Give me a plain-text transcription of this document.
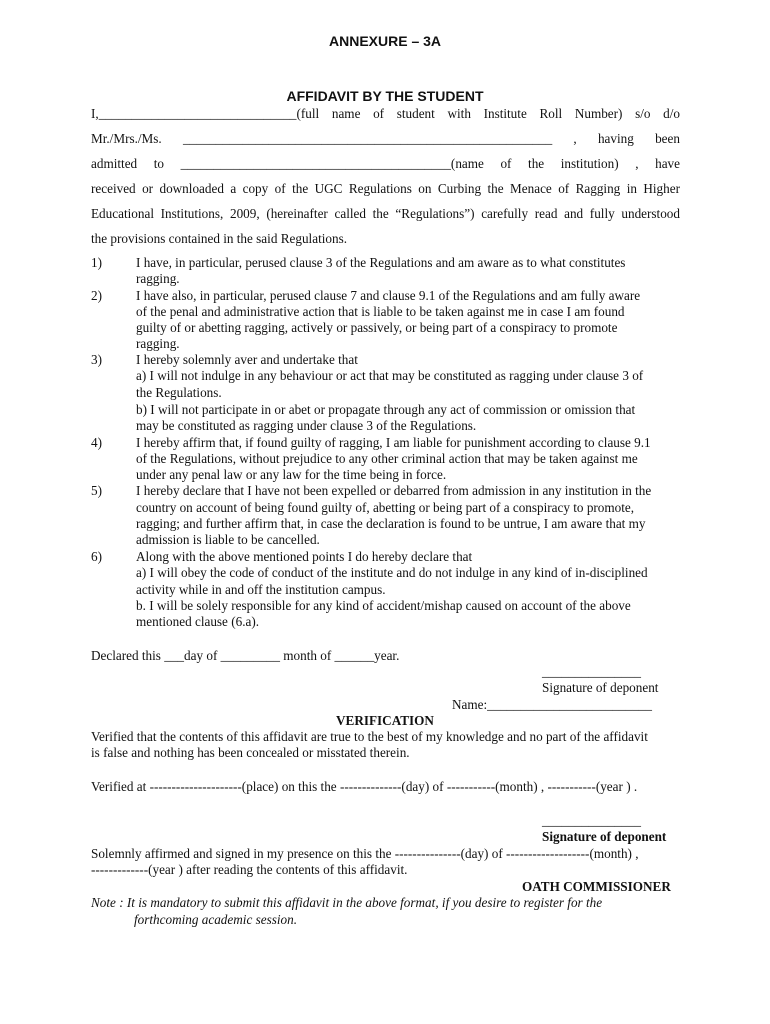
ANNEXURE – 3A

AFFIDAVIT BY THE STUDENT

I,______________________________(full name of student with Institute Roll Number) s/o d/o

Mr./Mrs./Ms. ________________________________________________________ , having been

admitted to _________________________________________(name of the institution) , have

received or downloaded a copy of the UGC Regulations on Curbing the Menace of Ragging in Higher

Educational Institutions, 2009, (hereinafter called the “Regulations”) carefully read and fully understood

the provisions contained in the said Regulations.

1)	I have, in particular, perused clause 3 of the Regulations and am aware as to what constitutes

ragging.

2)	I have also, in particular, perused clause 7 and clause 9.1 of the Regulations and am fully aware

of the penal and administrative action that is liable to be taken against me in case I am found

guilty of or abetting ragging, actively or passively, or being part of a conspiracy to promote

ragging.

3)	I hereby solemnly aver and undertake that

a) I will not indulge in any behaviour or act that may be constituted as ragging under clause 3 of

the Regulations.

b) I will not participate in or abet or propagate through any act of commission or omission that

may be constituted as ragging under clause 3 of the Regulations.

4)	I hereby affirm that, if found guilty of ragging, I am liable for punishment according to clause 9.1

of the Regulations, without prejudice to any other criminal action that may be taken against me

under any penal law or any law for the time being in force.

5)	I hereby declare that I have not been expelled or debarred from admission in any institution in the

country on account of being found guilty of, abetting or being part of a conspiracy to promote,

ragging; and further affirm that, in case the declaration is found to be untrue, I am aware that my

admission is liable to be cancelled.

6)	Along with the above mentioned points I do hereby declare that

a) I will obey the code of conduct of the institute and do not indulge in any kind of in-disciplined

activity while in and off the institution campus.

b. I will be solely responsible for any kind of accident/mishap caused on account of the above

mentioned clause (6.a).

Declared this ___day of _________ month of ______year.

_______________

Signature of deponent

Name:_________________________

VERIFICATION

Verified that the contents of this affidavit are true to the best of my knowledge and no part of the affidavit

is false and nothing has been concealed or misstated therein.

Verified at ---------------------(place) on this the --------------(day) of -----------(month) , -----------(year ) .

_______________

Signature of deponent

Solemnly affirmed and signed in my presence on this the ---------------(day) of -------------------(month) ,

-------------(year ) after reading the contents of this affidavit.

OATH COMMISSIONER

Note : It is mandatory to submit this affidavit in the above format, if you desire to register for the

forthcoming academic session.
